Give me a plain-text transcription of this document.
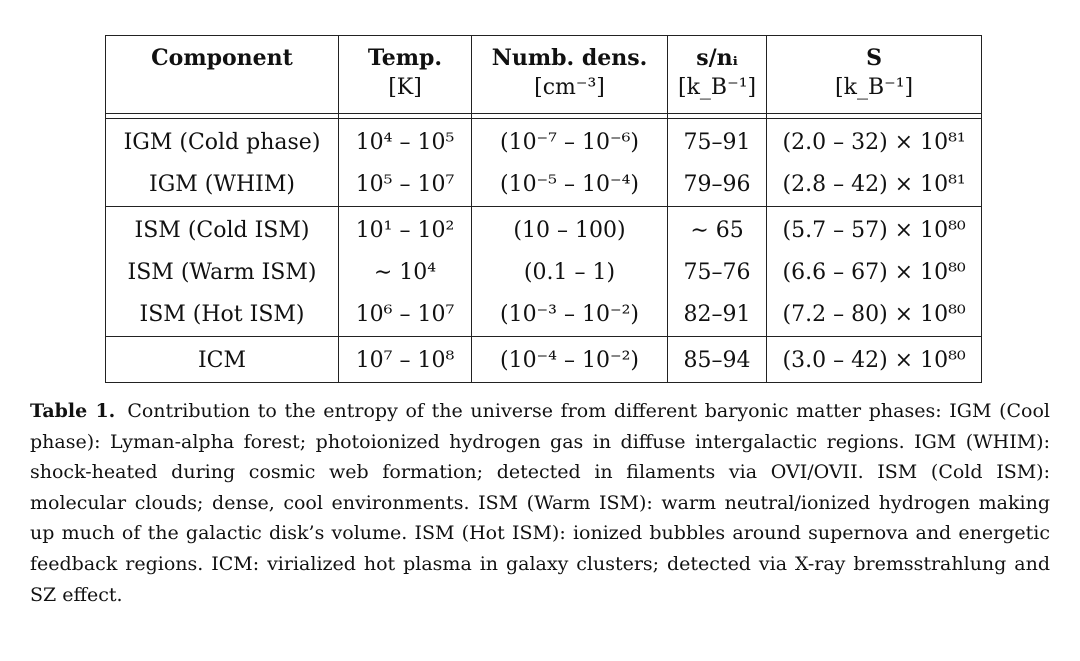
Component	Temp.	Numb. dens.	s/nᵢ	S
	[K]	[cm⁻³]	[k_B⁻¹]	[k_B⁻¹]

IGM (Cold phase)	10⁴ – 10⁵	(10⁻⁷ – 10⁻⁶)	75–91	(2.0 – 32) × 10⁸¹
IGM (WHIM)	10⁵ – 10⁷	(10⁻⁵ – 10⁻⁴)	79–96	(2.8 – 42) × 10⁸¹
ISM (Cold ISM)	10¹ – 10²	(10 – 100)	∼ 65	(5.7 – 57) × 10⁸⁰
ISM (Warm ISM)	∼ 10⁴	(0.1 – 1)	75–76	(6.6 – 67) × 10⁸⁰
ISM (Hot ISM)	10⁶ – 10⁷	(10⁻³ – 10⁻²)	82–91	(7.2 – 80) × 10⁸⁰
ICM	10⁷ – 10⁸	(10⁻⁴ – 10⁻²)	85–94	(3.0 – 42) × 10⁸⁰
Table 1. Contribution to the entropy of the universe from different baryonic matter phases: IGM (Cool phase): Lyman-alpha forest; photoionized hydrogen gas in diffuse intergalactic regions. IGM (WHIM): shock-heated during cosmic web formation; detected in filaments via OVI/OVII. ISM (Cold ISM): molecular clouds; dense, cool environments. ISM (Warm ISM): warm neutral/ionized hydrogen making up much of the galactic disk’s volume. ISM (Hot ISM): ionized bubbles around supernova and energetic feedback regions. ICM: virialized hot plasma in galaxy clusters; detected via X-ray bremsstrahlung and SZ effect.
